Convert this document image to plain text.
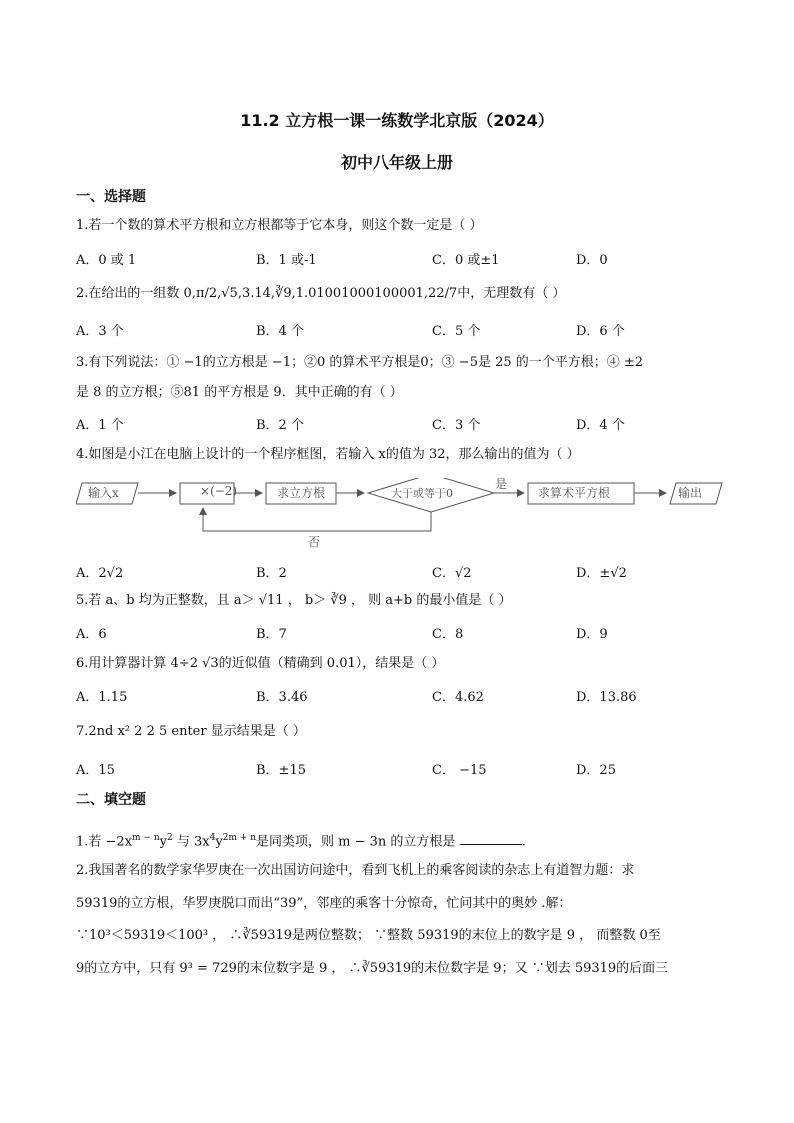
11.2 立方根一课一练数学北京版（2024）
初中八年级上册
一、选择题
1.若一个数的算术平方根和立方根都等于它本身，则这个数一定是（ ）
A．0 或 1	B．1 或-1	C．0 或±1	D．0
2.在给出的一组数 0,π/2,√5,3.14,∛9,1.01001000100001,22/7中，无理数有（ ）
A．3 个	B．4 个	C．5 个	D．6 个
3.有下列说法：① −1的立方根是 −1；②0 的算术平方根是0；③ −5是 25 的一个平方根；④ ±2
是 8 的立方根；⑤81 的平方根是 9．其中正确的有（ ）
A．1 个	B．2 个	C．3 个	D．4 个
4.如图是小江在电脑上设计的一个程序框图，若输入 x的值为 32，那么输出的值为（ ）
输入x	×(−2)	求立方根	大于或等于0
是
求算术平方根	输出
否
A．2√2	B．2	C．√2	D．±√2
5.若 a、b 均为正整数，且 a＞ √11 ， b＞ ∛9 ， 则 a+b 的最小值是（ ）
A．6	B．7	C．8	D．9
6.用计算器计算 4÷2 √3的近似值（精确到 0.01），结果是（ ）
A．1.15	B．3.46	C．4.62	D．13.86
7.2nd x² 2 2 5 enter 显示结果是（ ）
A．15	B．±15	C． −15	D．25
二、填空题
1.若 $-2x^{m - n}y^2$ 与 $3x^4y^{2m + n}$是同类项，则 m − 3n 的立方根是	.
2.我国著名的数学家华罗庚在一次出国访问途中，看到飞机上的乘客阅读的杂志上有道智力题：求
59319的立方根，华罗庚脱口而出“39”，邻座的乘客十分惊奇，忙问其中的奥妙 .解：
∵10³＜59319＜100³ ， ∴∛59319是两位整数； ∵整数 59319的末位上的数字是 9 ， 而整数 0至
9的立方中，只有 9³ = 729的末位数字是 9 ， ∴∛59319的末位数字是 9；又 ∵划去 59319的后面三
